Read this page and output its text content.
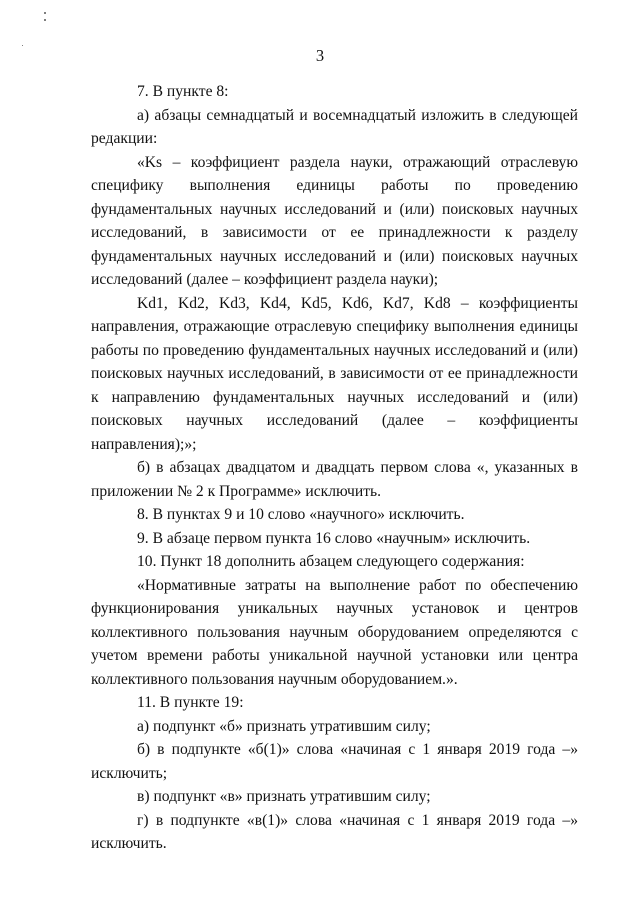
3

7. В пункте 8:

а) абзацы семнадцатый и восемнадцатый изложить в следующей редакции:

«Ks – коэффициент раздела науки, отражающий отраслевую специфику выполнения единицы работы по проведению фундаментальных научных исследований и (или) поисковых научных исследований, в зависимости от ее принадлежности к разделу фундаментальных научных исследований и (или) поисковых научных исследований (далее – коэффициент раздела науки);

Kd1, Kd2, Kd3, Kd4, Kd5, Kd6, Kd7, Kd8 – коэффициенты направления, отражающие отраслевую специфику выполнения единицы работы по проведению фундаментальных научных исследований и (или) поисковых научных исследований, в зависимости от ее принадлежности к направлению фундаментальных научных исследований и (или) поисковых научных исследований (далее – коэффициенты направления);»;

б) в абзацах двадцатом и двадцать первом слова «, указанных в приложении № 2 к Программе» исключить.

8. В пунктах 9 и 10 слово «научного» исключить.

9. В абзаце первом пункта 16 слово «научным» исключить.

10. Пункт 18 дополнить абзацем следующего содержания:

«Нормативные затраты на выполнение работ по обеспечению функционирования уникальных научных установок и центров коллективного пользования научным оборудованием определяются с учетом времени работы уникальной научной установки или центра коллективного пользования научным оборудованием.».

11. В пункте 19:

а) подпункт «б» признать утратившим силу;

б) в подпункте «б(1)» слова «начиная с 1 января 2019 года –» исключить;

в) подпункт «в» признать утратившим силу;

г) в подпункте «в(1)» слова «начиная с 1 января 2019 года –» исключить.
